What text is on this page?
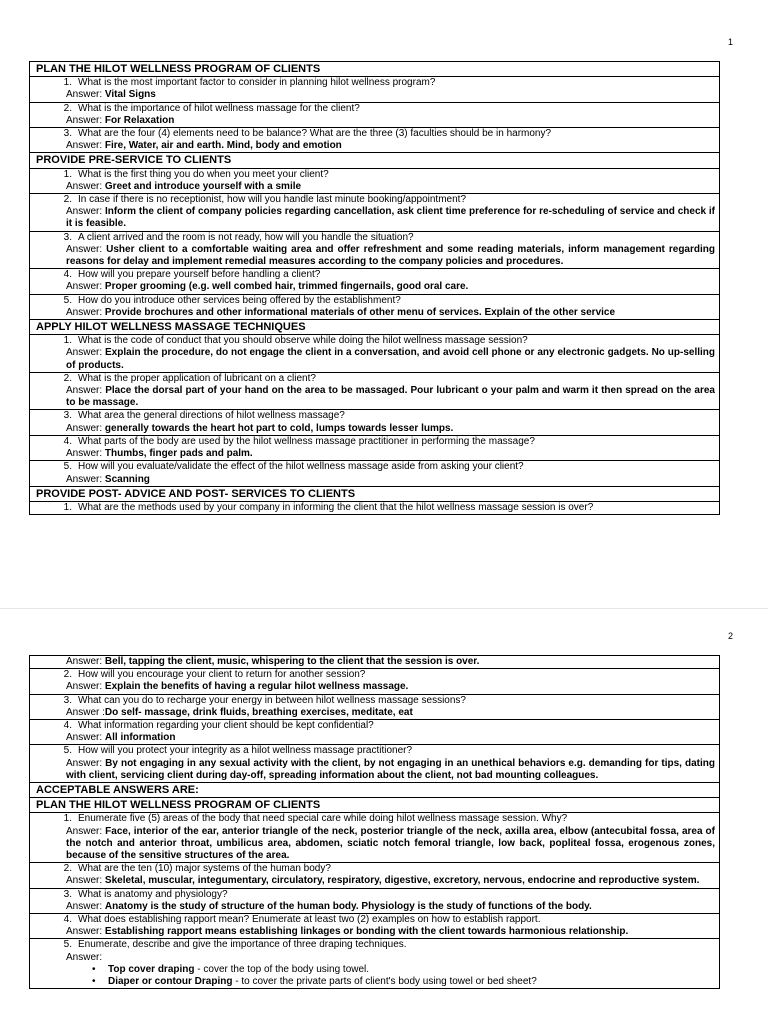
1
PLAN THE HILOT WELLNESS PROGRAM OF CLIENTS

1. What is the most important factor to consider in planning hilot wellness program?
Answer: Vital Signs

2. What is the importance of hilot wellness massage for the client?
Answer: For Relaxation

3. What are the four (4) elements need to be balance? What are the three (3) faculties should be in harmony?
Answer: Fire, Water, air and earth. Mind, body and emotion

PROVIDE PRE-SERVICE TO CLIENTS

1. What is the first thing you do when you meet your client?
Answer: Greet and introduce yourself with a smile

2. In case if there is no receptionist, how will you handle last minute booking/appointment?
Answer: Inform the client of company policies regarding cancellation, ask client time preference for re-scheduling of service and check if it is feasible.

3. A client arrived and the room is not ready, how will you handle the situation?
Answer: Usher client to a comfortable waiting area and offer refreshment and some reading materials, inform management regarding reasons for delay and implement remedial measures according to the company policies and procedures.

4. How will you prepare yourself before handling a client?
Answer: Proper grooming (e.g. well combed hair, trimmed fingernails, good oral care.

5. How do you introduce other services being offered by the establishment?
Answer: Provide brochures and other informational materials of other menu of services. Explain of the other service

APPLY HILOT WELLNESS MASSAGE TECHNIQUES

1. What is the code of conduct that you should observe while doing the hilot wellness massage session?
Answer: Explain the procedure, do not engage the client in a conversation, and avoid cell phone or any electronic gadgets. No up-selling of products.

2. What is the proper application of lubricant on a client?
Answer: Place the dorsal part of your hand on the area to be massaged. Pour lubricant o your palm and warm it then spread on the area to be massage.

3. What area the general directions of hilot wellness massage?
Answer: generally towards the heart hot part to cold, lumps towards lesser lumps.

4. What parts of the body are used by the hilot wellness massage practitioner in performing the massage?
Answer: Thumbs, finger pads and palm.

5. How will you evaluate/validate the effect of the hilot wellness massage aside from asking your client?
Answer: Scanning

PROVIDE POST- ADVICE AND POST- SERVICES TO CLIENTS

1. What are the methods used by your company in informing the client that the hilot wellness massage session is over?
2
Answer: Bell, tapping the client, music, whispering to the client that the session is over.

2. How will you encourage your client to return for another session?
Answer: Explain the benefits of having a regular hilot wellness massage.

3. What can you do to recharge your energy in between hilot wellness massage sessions?
Answer :Do self- massage, drink fluids, breathing exercises, meditate, eat

4. What information regarding your client should be kept confidential?
Answer: All information

5. How will you protect your integrity as a hilot wellness massage practitioner?
Answer: By not engaging in any sexual activity with the client, by not engaging in an unethical behaviors e.g. demanding for tips, dating with client, servicing client during day-off, spreading information about the client, not bad mounting colleagues.

ACCEPTABLE ANSWERS ARE:
PLAN THE HILOT WELLNESS PROGRAM OF CLIENTS

1. Enumerate five (5) areas of the body that need special care while doing hilot wellness massage session. Why?
Answer: Face, interior of the ear, anterior triangle of the neck, posterior triangle of the neck, axilla area, elbow (antecubital fossa, area of the notch and anterior throat, umbilicus area, abdomen, sciatic notch femoral triangle, low back, popliteal fossa, erogenous zones, because of the sensitive structures of the area.

2. What are the ten (10) major systems of the human body?
Answer: Skeletal, muscular, integumentary, circulatory, respiratory, digestive, excretory, nervous, endocrine and reproductive system.

3. What is anatomy and physiology?
Answer: Anatomy is the study of structure of the human body. Physiology is the study of functions of the body.

4. What does establishing rapport mean? Enumerate at least two (2) examples on how to establish rapport.
Answer: Establishing rapport means establishing linkages or bonding with the client towards harmonious relationship.

5. Enumerate, describe and give the importance of three draping techniques.
Answer:
•	Top cover draping - cover the top of the body using towel.
•	Diaper or contour Draping - to cover the private parts of client's body using towel or bed sheet?
